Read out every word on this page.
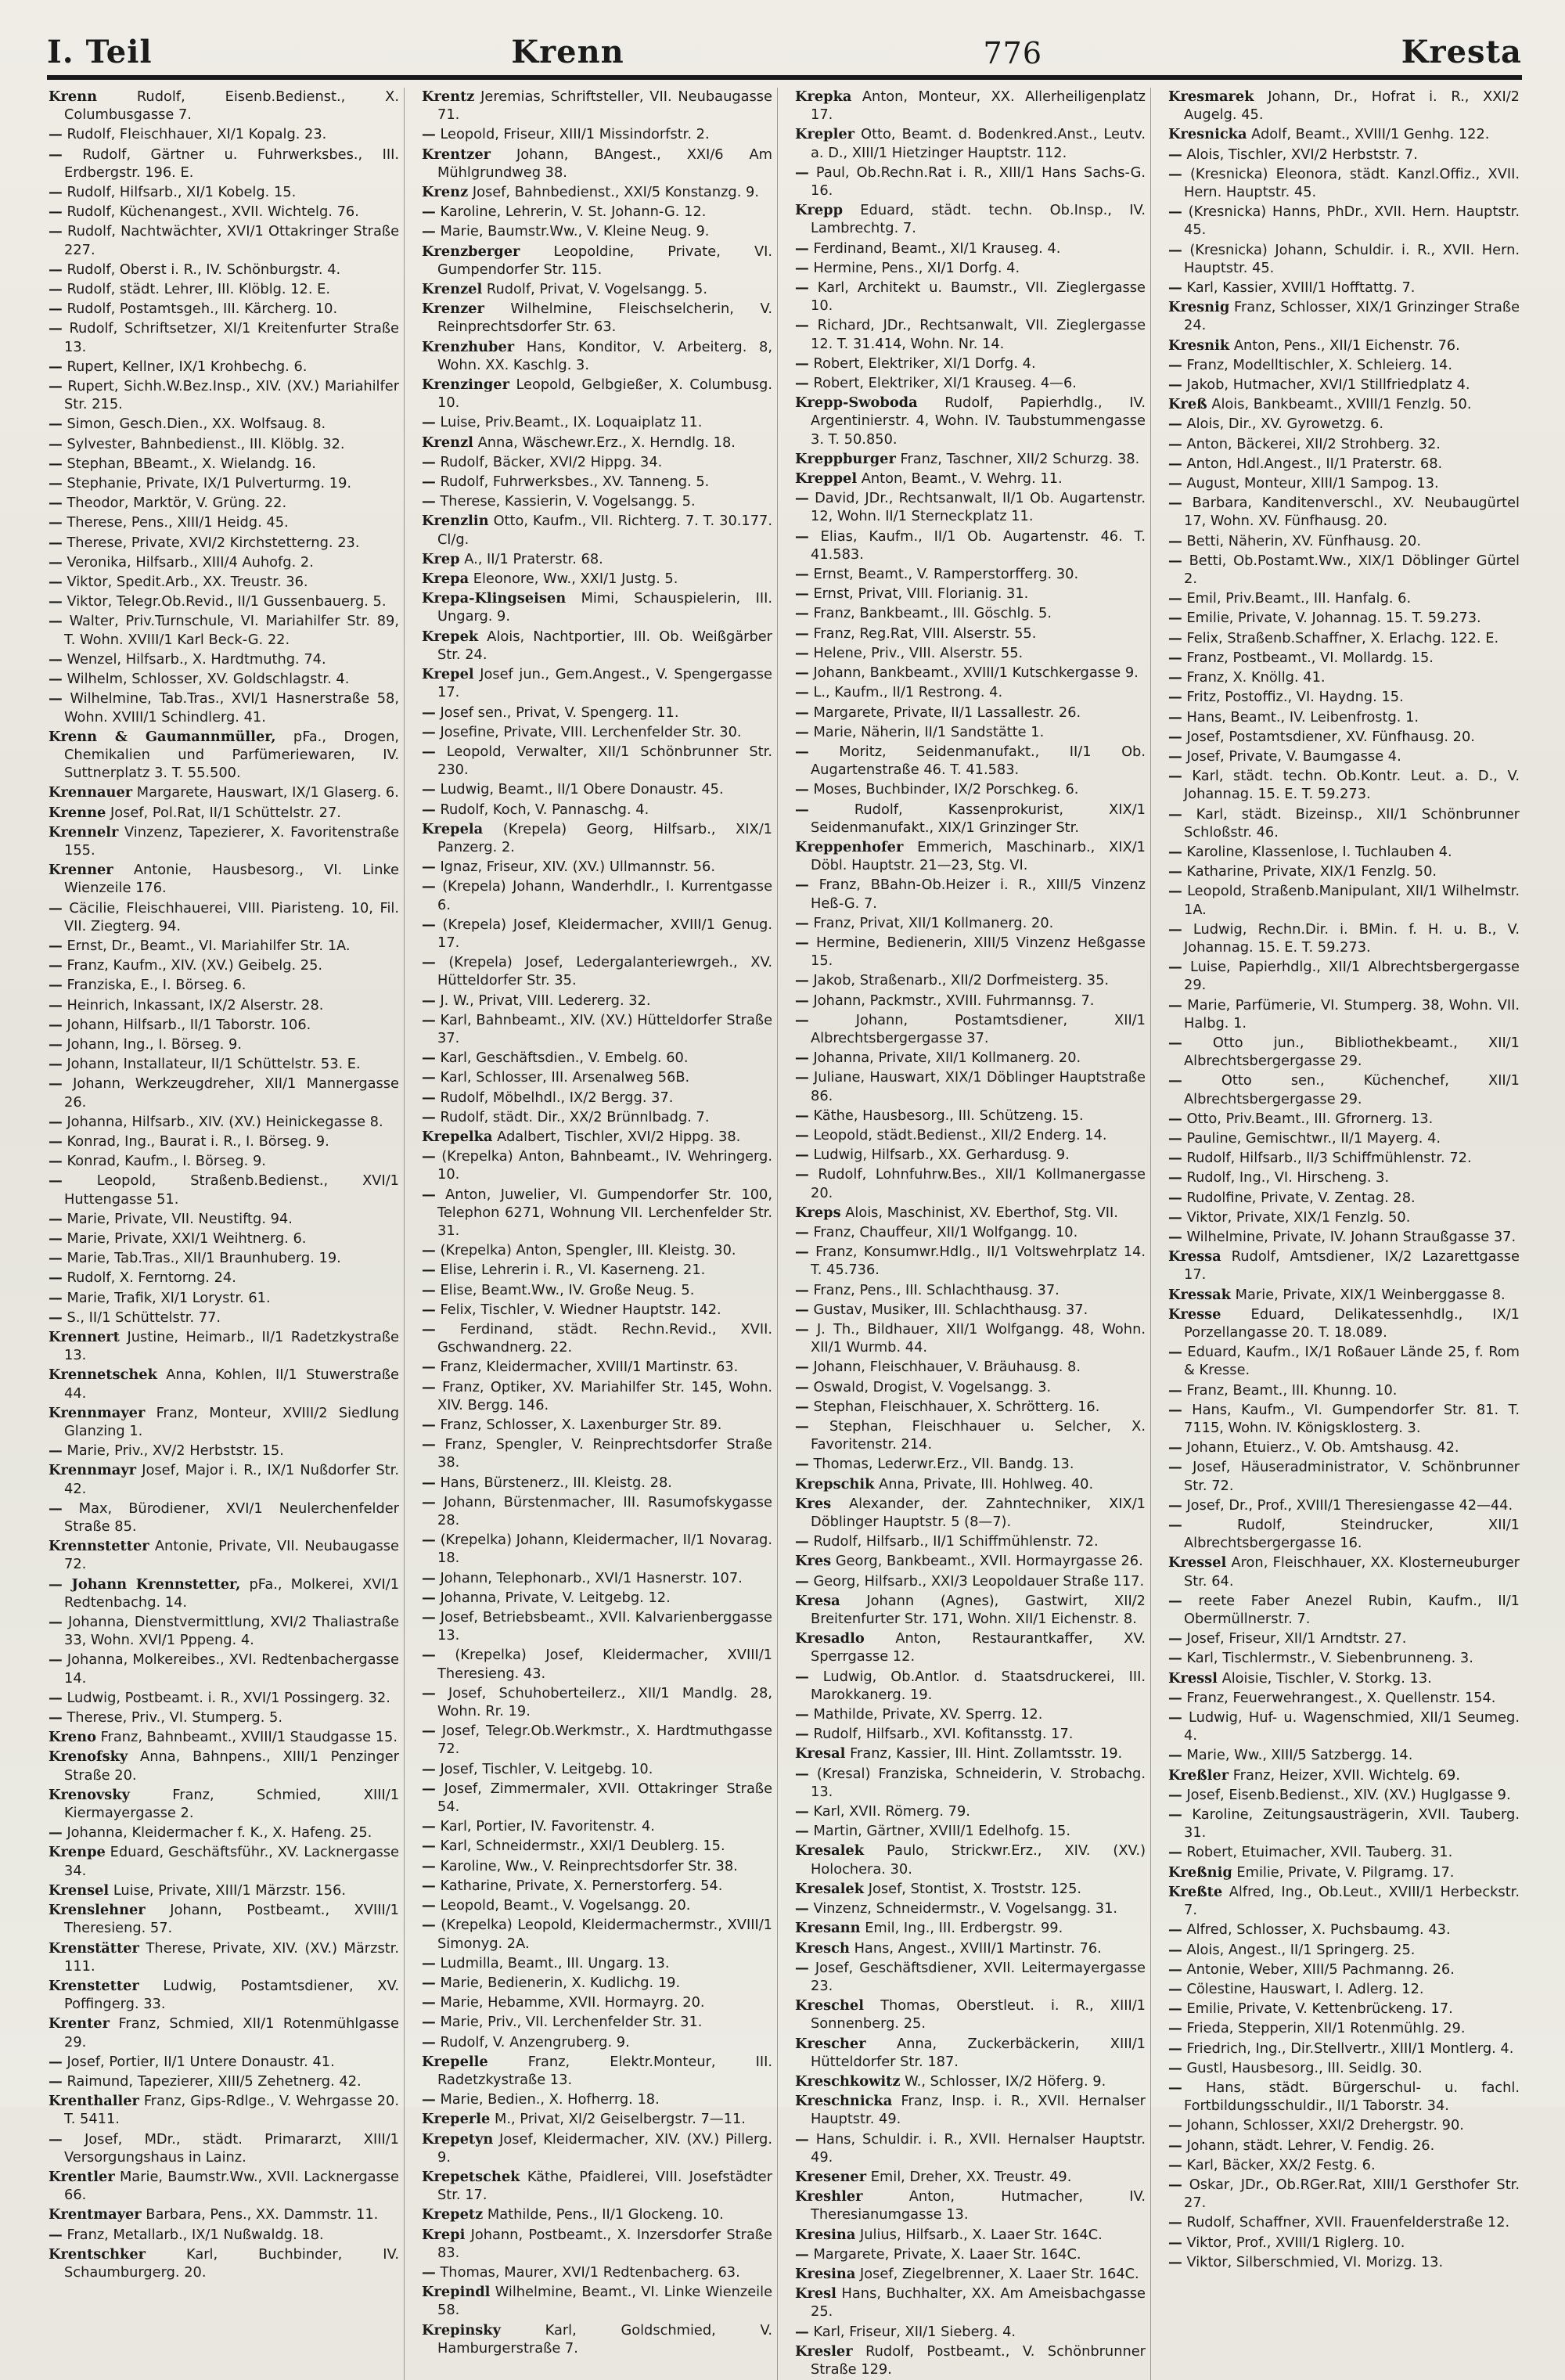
I. Teil	Krenn	776	Kresta

Krenn	Rudolf, Eisenb.Bedienst., X. Columbusgasse 7.

— Rudolf, Fleischhauer, XI/1 Kopalg. 23.

— Rudolf, Gärtner u. Fuhrwerksbes., III. Erdbergstr. 196. E.

— Rudolf, Hilfsarb., XI/1 Kobelg. 15.

— Rudolf, Küchenangest., XVII. Wichtelg. 76.

— Rudolf, Nachtwächter, XVI/1 Ottakringer Straße 227.

— Rudolf, Oberst i. R., IV. Schönburgstr. 4.

— Rudolf, städt. Lehrer, III. Klöblg. 12. E.

— Rudolf, Postamtsgeh., III. Kärcherg. 10.

— Rudolf, Schriftsetzer, XI/1 Kreitenfurter Straße 13.

— Rupert, Kellner, IX/1 Krohbechg. 6.

— Rupert, Sichh.W.Bez.Insp., XIV. (XV.) Mariahilfer Str. 215.

— Simon, Gesch.Dien., XX. Wolfsaug. 8.

— Sylvester, Bahnbedienst., III. Klöblg. 32.

— Stephan, BBeamt., X. Wielandg. 16.

— Stephanie, Private, IX/1 Pulverturmg. 19.

— Theodor, Marktör, V. Grüng. 22.

— Therese, Pens., XIII/1 Heidg. 45.

— Therese, Private, XVI/2 Kirchstetterng. 23.

— Veronika, Hilfsarb., XIII/4 Auhofg. 2.

— Viktor, Spedit.Arb., XX. Treustr. 36.

— Viktor, Telegr.Ob.Revid., II/1 Gussenbauerg. 5.

— Walter, Priv.Turnschule, VI. Mariahilfer Str. 89, T. Wohn. XVIII/1 Karl Beck-G. 22.

— Wenzel, Hilfsarb., X. Hardtmuthg. 74.

— Wilhelm, Schlosser, XV. Goldschlagstr. 4.

— Wilhelmine, Tab.Tras., XVI/1 Hasnerstraße 58, Wohn. XVIII/1 Schindlerg. 41.

Krenn & Gaumannmüller, pFa., Drogen, Chemikalien und Parfümeriewaren, IV. Suttnerplatz 3. T. 55.500.

Krennauer Margarete, Hauswart, IX/1 Glaserg. 6.

Krenne Josef, Pol.Rat, II/1 Schüttelstr. 27.

Krennelr Vinzenz, Tapezierer, X. Favoritenstraße 155.

Krenner Antonie, Hausbesorg., VI. Linke Wienzeile 176.

— Cäcilie, Fleischhauerei, VIII. Piaristeng. 10, Fil. VII. Ziegterg. 94.

— Ernst, Dr., Beamt., VI. Mariahilfer Str. 1A.

— Franz, Kaufm., XIV. (XV.) Geibelg. 25.

— Franziska, E., I. Börseg. 6.

— Heinrich, Inkassant, IX/2 Alserstr. 28.

— Johann, Hilfsarb., II/1 Taborstr. 106.

— Johann, Ing., I. Börseg. 9.

— Johann, Installateur, II/1 Schüttelstr. 53. E.

— Johann, Werkzeugdreher, XII/1 Mannergasse 26.

— Johanna, Hilfsarb., XIV. (XV.) Heinickegasse 8.

— Konrad, Ing., Baurat i. R., I. Börseg. 9.

— Konrad, Kaufm., I. Börseg. 9.

— Leopold, Straßenb.Bedienst., XVI/1 Huttengasse 51.

— Marie, Private, VII. Neustiftg. 94.

— Marie, Private, XXI/1 Weihtnerg. 6.

— Marie, Tab.Tras., XII/1 Braunhuberg. 19.

— Rudolf, X. Ferntorng. 24.

— Marie, Trafik, XI/1 Lorystr. 61.

— S., II/1 Schüttelstr. 77.

Krennert Justine, Heimarb., II/1 Radetzkystraße 13.

Krennetschek Anna, Kohlen, II/1 Stuwerstraße 44.

Krennmayer Franz, Monteur, XVIII/2 Siedlung Glanzing 1.

— Marie, Priv., XV/2 Herbststr. 15.

Krennmayr Josef, Major i. R., IX/1 Nußdorfer Str. 42.

— Max, Bürodiener, XVI/1 Neulerchenfelder Straße 85.

Krennstetter Antonie, Private, VII. Neubaugasse 72.

— Johann Krennstetter, pFa., Molkerei, XVI/1 Redtenbachg. 14.

— Johanna, Dienstvermittlung, XVI/2 Thaliastraße 33, Wohn. XVI/1 Pppeng. 4.

— Johanna, Molkereibes., XVI. Redtenbachergasse 14.

— Ludwig, Postbeamt. i. R., XVI/1 Possingerg. 32.

— Therese, Priv., VI. Stumperg. 5.

Kreno Franz, Bahnbeamt., XVIII/1 Staudgasse 15.

Krenofsky Anna, Bahnpens., XIII/1 Penzinger Straße 20.

Krenovsky	Franz, Schmied, XIII/1 Kiermayergasse 2.

— Johanna, Kleidermacher f. K., X. Hafeng. 25.

Krenpe Eduard, Geschäftsführ., XV. Lacknergasse 34.

Krensel Luise, Private, XIII/1 Märzstr. 156.

Krenslehner Johann, Postbeamt., XVIII/1 Theresieng. 57.

Krenstätter Therese, Private, XIV. (XV.) Märzstr. 111.

Krenstetter Ludwig, Postamtsdiener, XV. Poffingerg. 33.

Krenter Franz, Schmied, XII/1 Rotenmühlgasse 29.

— Josef, Portier, II/1 Untere Donaustr. 41.

— Raimund, Tapezierer, XIII/5 Zehetnerg. 42.

Krenthaller Franz, Gips-Rdlge., V. Wehrgasse 20. T. 5411.

— Josef, MDr., städt. Primararzt, XIII/1 Versorgungshaus in Lainz.

Krentler Marie, Baumstr.Ww., XVII. Lacknergasse 66.

Krentmayer Barbara, Pens., XX. Dammstr. 11.

— Franz, Metallarb., IX/1 Nußwaldg. 18.

Krentschker	Karl, Buchbinder, IV. Schaumburgerg. 20.

Krentz Jeremias, Schriftsteller, VII. Neubaugasse 71.

— Leopold, Friseur, XIII/1 Missindorfstr. 2.

Krentzer Johann, BAngest., XXI/6 Am Mühlgrundweg 38.

Krenz Josef, Bahnbedienst., XXI/5 Konstanzg. 9.

— Karoline, Lehrerin, V. St. Johann-G. 12.

— Marie, Baumstr.Ww., V. Kleine Neug. 9.

Krenzberger Leopoldine, Private, VI. Gumpendorfer Str. 115.

Krenzel Rudolf, Privat, V. Vogelsangg. 5.

Krenzer Wilhelmine, Fleischselcherin, V. Reinprechtsdorfer Str. 63.

Krenzhuber Hans, Konditor, V. Arbeiterg. 8, Wohn. XX. Kaschlg. 3.

Krenzinger Leopold, Gelbgießer, X. Columbusg. 10.

— Luise, Priv.Beamt., IX. Loquaiplatz 11.

Krenzl Anna, Wäschewr.Erz., X. Herndlg. 18.

— Rudolf, Bäcker, XVI/2 Hippg. 34.

— Rudolf, Fuhrwerksbes., XV. Tanneng. 5.

— Therese, Kassierin, V. Vogelsangg. 5.

Krenzlin Otto, Kaufm., VII. Richterg. 7. T. 30.177. Cl/g.

Krep A., II/1 Praterstr. 68.

Krepa Eleonore, Ww., XXI/1 Justg. 5.

Krepa-Klingseisen Mimi, Schauspielerin, III. Ungarg. 9.

Krepek Alois, Nachtportier, III. Ob. Weißgärber Str. 24.

Krepel Josef jun., Gem.Angest., V. Spengergasse 17.

— Josef sen., Privat, V. Spengerg. 11.

— Josefine, Private, VIII. Lerchenfelder Str. 30.

— Leopold, Verwalter, XII/1 Schönbrunner Str. 230.

— Ludwig, Beamt., II/1 Obere Donaustr. 45.

— Rudolf, Koch, V. Pannaschg. 4.

Krepela (Krepela) Georg, Hilfsarb., XIX/1 Panzerg. 2.

— Ignaz, Friseur, XIV. (XV.) Ullmannstr. 56.

— (Krepela) Johann, Wanderhdlr., I. Kurrentgasse 6.

— (Krepela) Josef, Kleidermacher, XVIII/1 Genug. 17.

— (Krepela) Josef, Ledergalanteriewrgeh., XV. Hütteldorfer Str. 35.

— J. W., Privat, VIII. Ledererg. 32.

— Karl, Bahnbeamt., XIV. (XV.) Hütteldorfer Straße 37.

— Karl, Geschäftsdien., V. Embelg. 60.

— Karl, Schlosser, III. Arsenalweg 56B.

— Rudolf, Möbelhdl., IX/2 Bergg. 37.

— Rudolf, städt. Dir., XX/2 Brünnlbadg. 7.

Krepelka Adalbert, Tischler, XVI/2 Hippg. 38.

— (Krepelka) Anton, Bahnbeamt., IV. Wehringerg. 10.

— Anton, Juwelier, VI. Gumpendorfer Str. 100, Telephon 6271, Wohnung VII. Lerchenfelder Str. 31.

— (Krepelka) Anton, Spengler, III. Kleistg. 30.

— Elise, Lehrerin i. R., VI. Kaserneng. 21.

— Elise, Beamt.Ww., IV. Große Neug. 5.

— Felix, Tischler, V. Wiedner Hauptstr. 142.

— Ferdinand, städt. Rechn.Revid., XVII. Gschwandnerg. 22.

— Franz, Kleidermacher, XVIII/1 Martinstr. 63.

— Franz, Optiker, XV. Mariahilfer Str. 145, Wohn. XIV. Bergg. 146.

— Franz, Schlosser, X. Laxenburger Str. 89.

— Franz, Spengler, V. Reinprechtsdorfer Straße 38.

— Hans, Bürstenerz., III. Kleistg. 28.

— Johann, Bürstenmacher, III. Rasumofskygasse 28.

— (Krepelka) Johann, Kleidermacher, II/1 Novarag. 18.

— Johann, Telephonarb., XVI/1 Hasnerstr. 107.

— Johanna, Private, V. Leitgebg. 12.

— Josef, Betriebsbeamt., XVII. Kalvarienberggasse 13.

— (Krepelka) Josef, Kleidermacher, XVIII/1 Theresieng. 43.

— Josef, Schuhoberteilerz., XII/1 Mandlg. 28, Wohn. Rr. 19.

— Josef, Telegr.Ob.Werkmstr., X. Hardtmuthgasse 72.

— Josef, Tischler, V. Leitgebg. 10.

— Josef, Zimmermaler, XVII. Ottakringer Straße 54.

— Karl, Portier, IV. Favoritenstr. 4.

— Karl, Schneidermstr., XXI/1 Deublerg. 15.

— Karoline, Ww., V. Reinprechtsdorfer Str. 38.

— Katharine, Private, X. Pernerstorferg. 54.

— Leopold, Beamt., V. Vogelsangg. 20.

— (Krepelka) Leopold, Kleidermachermstr., XVIII/1 Simonyg. 2A.

— Ludmilla, Beamt., III. Ungarg. 13.

— Marie, Bedienerin, X. Kudlichg. 19.

— Marie, Hebamme, XVII. Hormayrg. 20.

— Marie, Priv., VII. Lerchenfelder Str. 31.

— Rudolf, V. Anzengruberg. 9.

Krepelle	Franz, Elektr.Monteur, III. Radetzkystraße 13.

— Marie, Bedien., X. Hofherrg. 18.

Kreperle M., Privat, XI/2 Geiselbergstr. 7—11.

Krepetyn Josef, Kleidermacher, XIV. (XV.) Pillerg. 9.

Krepetschek Käthe, Pfaidlerei, VIII. Josefstädter Str. 17.

Krepetz Mathilde, Pens., II/1 Glockeng. 10.

Krepi Johann, Postbeamt., X. Inzersdorfer Straße 83.

— Thomas, Maurer, XVI/1 Redtenbacherg. 63.

Krepindl Wilhelmine, Beamt., VI. Linke Wienzeile 58.

Krepinsky	Karl, Goldschmied, V. Hamburgerstraße 7.

Krepka Anton, Monteur, XX. Allerheiligenplatz 17.

Krepler Otto, Beamt. d. Bodenkred.Anst., Leutv. a. D., XIII/1 Hietzinger Hauptstr. 112.

— Paul, Ob.Rechn.Rat i. R., XIII/1 Hans Sachs-G. 16.

Krepp Eduard, städt. techn. Ob.Insp., IV. Lambrechtg. 7.

— Ferdinand, Beamt., XI/1 Krauseg. 4.

— Hermine, Pens., XI/1 Dorfg. 4.

— Karl, Architekt u. Baumstr., VII. Zieglergasse 10.

— Richard, JDr., Rechtsanwalt, VII. Zieglergasse 12. T. 31.414, Wohn. Nr. 14.

— Robert, Elektriker, XI/1 Dorfg. 4.

— Robert, Elektriker, XI/1 Krauseg. 4—6.

Krepp-Swoboda Rudolf, Papierhdlg., IV. Argentinierstr. 4, Wohn. IV. Taubstummengasse 3. T. 50.850.

Kreppburger Franz, Taschner, XII/2 Schurzg. 38.

Kreppel Anton, Beamt., V. Wehrg. 11.

— David, JDr., Rechtsanwalt, II/1 Ob. Augartenstr. 12, Wohn. II/1 Sterneckplatz 11.

— Elias, Kaufm., II/1 Ob. Augartenstr. 46. T. 41.583.

— Ernst, Beamt., V. Ramperstorfferg. 30.

— Ernst, Privat, VIII. Florianig. 31.

— Franz, Bankbeamt., III. Göschlg. 5.

— Franz, Reg.Rat, VIII. Alserstr. 55.

— Helene, Priv., VIII. Alserstr. 55.

— Johann, Bankbeamt., XVIII/1 Kutschkergasse 9.

— L., Kaufm., II/1 Restrong. 4.

— Margarete, Private, II/1 Lassallestr. 26.

— Marie, Näherin, II/1 Sandstätte 1.

— Moritz, Seidenmanufakt., II/1 Ob. Augartenstraße 46. T. 41.583.

— Moses, Buchbinder, IX/2 Porschkeg. 6.

—	Rudolf, Kassenprokurist, XIX/1 Seidenmanufakt., XIX/1 Grinzinger Str.

Kreppenhofer Emmerich, Maschinarb., XIX/1 Döbl. Hauptstr. 21—23, Stg. VI.

— Franz, BBahn-Ob.Heizer i. R., XIII/5 Vinzenz Heß-G. 7.

— Franz, Privat, XII/1 Kollmanerg. 20.

— Hermine, Bedienerin, XIII/5 Vinzenz Heßgasse 15.

— Jakob, Straßenarb., XII/2 Dorfmeisterg. 35.

— Johann, Packmstr., XVIII. Fuhrmannsg. 7.

—	Johann, Postamtsdiener, XII/1 Albrechtsbergergasse 37.

— Johanna, Private, XII/1 Kollmanerg. 20.

— Juliane, Hauswart, XIX/1 Döblinger Hauptstraße 86.

— Käthe, Hausbesorg., III. Schützeng. 15.

— Leopold, städt.Bedienst., XII/2 Enderg. 14.

— Ludwig, Hilfsarb., XX. Gerhardusg. 9.

— Rudolf, Lohnfuhrw.Bes., XII/1 Kollmanergasse 20.

Kreps Alois, Maschinist, XV. Eberthof, Stg. VII.

— Franz, Chauffeur, XII/1 Wolfgangg. 10.

— Franz, Konsumwr.Hdlg., II/1 Voltswehrplatz 14. T. 45.736.

— Franz, Pens., III. Schlachthausg. 37.

— Gustav, Musiker, III. Schlachthausg. 37.

— J. Th., Bildhauer, XII/1 Wolfgangg. 48, Wohn. XII/1 Wurmb. 44.

— Johann, Fleischhauer, V. Bräuhausg. 8.

— Oswald, Drogist, V. Vogelsangg. 3.

— Stephan, Fleischhauer, X. Schrötterg. 16.

— Stephan, Fleischhauer u. Selcher, X. Favoritenstr. 214.

— Thomas, Lederwr.Erz., VII. Bandg. 13.

Krepschik Anna, Private, III. Hohlweg. 40.

Kres Alexander, der. Zahntechniker, XIX/1 Döblinger Hauptstr. 5 (8—7).

— Rudolf, Hilfsarb., II/1 Schiffmühlenstr. 72.

Kres Georg, Bankbeamt., XVII. Hormayrgasse 26.

— Georg, Hilfsarb., XXI/3 Leopoldauer Straße 117.

Kresa Johann (Agnes), Gastwirt, XII/2 Breitenfurter Str. 171, Wohn. XII/1 Eichenstr. 8.

Kresadlo Anton, Restaurantkaffer, XV. Sperrgasse 12.

— Ludwig, Ob.Antlor. d. Staatsdruckerei, III. Marokkanerg. 19.

— Mathilde, Private, XV. Sperrg. 12.

— Rudolf, Hilfsarb., XVI. Kofitansstg. 17.

Kresal Franz, Kassier, III. Hint. Zollamtsstr. 19.

— (Kresal) Franziska, Schneiderin, V. Strobachg. 13.

— Karl, XVII. Römerg. 79.

— Martin, Gärtner, XVIII/1 Edelhofg. 15.

Kresalek Paulo, Strickwr.Erz., XIV. (XV.) Holochera. 30.

Kresalek Josef, Stontist, X. Troststr. 125.

— Vinzenz, Schneidermstr., V. Vogelsangg. 31.

Kresann Emil, Ing., III. Erdbergstr. 99.

Kresch Hans, Angest., XVIII/1 Martinstr. 76.

— Josef, Geschäftsdiener, XVII. Leitermayergasse 23.

Kreschel Thomas, Oberstleut. i. R., XIII/1 Sonnenberg. 25.

Krescher Anna, Zuckerbäckerin, XIII/1 Hütteldorfer Str. 187.

Kreschkowitz W., Schlosser, IX/2 Höferg. 9.

Kreschnicka Franz, Insp. i. R., XVII. Hernalser Hauptstr. 49.

— Hans, Schuldir. i. R., XVII. Hernalser Hauptstr. 49.

Kresener Emil, Dreher, XX. Treustr. 49.

Kreshler	Anton, Hutmacher, IV. Theresianumgasse 13.

Kresina Julius, Hilfsarb., X. Laaer Str. 164C.

— Margarete, Private, X. Laaer Str. 164C.

Kresina Josef, Ziegelbrenner, X. Laaer Str. 164C.

Kresl Hans, Buchhalter, XX. Am Ameisbachgasse 25.

— Karl, Friseur, XII/1 Sieberg. 4.

Kresler Rudolf, Postbeamt., V. Schönbrunner Straße 129.

Kresmarek Johann, Dr., Hofrat i. R., XXI/2 Augelg. 45.

Kresnicka Adolf, Beamt., XVIII/1 Genhg. 122.

— Alois, Tischler, XVI/2 Herbststr. 7.

— (Kresnicka) Eleonora, städt. Kanzl.Offiz., XVII. Hern. Hauptstr. 45.

— (Kresnicka) Hanns, PhDr., XVII. Hern. Hauptstr. 45.

— (Kresnicka) Johann, Schuldir. i. R., XVII. Hern. Hauptstr. 45.

— Karl, Kassier, XVIII/1 Hofftattg. 7.

Kresnig Franz, Schlosser, XIX/1 Grinzinger Straße 24.

Kresnik Anton, Pens., XII/1 Eichenstr. 76.

— Franz, Modelltischler, X. Schleierg. 14.

— Jakob, Hutmacher, XVI/1 Stillfriedplatz 4.

Kreß Alois, Bankbeamt., XVIII/1 Fenzlg. 50.

— Alois, Dir., XV. Gyrowetzg. 6.

— Anton, Bäckerei, XII/2 Strohberg. 32.

— Anton, Hdl.Angest., II/1 Praterstr. 68.

— August, Monteur, XIII/1 Sampog. 13.

— Barbara, Kanditenverschl., XV. Neubaugürtel 17, Wohn. XV. Fünfhausg. 20.

— Betti, Näherin, XV. Fünfhausg. 20.

— Betti, Ob.Postamt.Ww., XIX/1 Döblinger Gürtel 2.

— Emil, Priv.Beamt., III. Hanfalg. 6.

— Emilie, Private, V. Johannag. 15. T. 59.273.

— Felix, Straßenb.Schaffner, X. Erlachg. 122. E.

— Franz, Postbeamt., VI. Mollardg. 15.

— Franz, X. Knöllg. 41.

— Fritz, Postoffiz., VI. Haydng. 15.

— Hans, Beamt., IV. Leibenfrostg. 1.

— Josef, Postamtsdiener, XV. Fünfhausg. 20.

— Josef, Private, V. Baumgasse 4.

— Karl, städt. techn. Ob.Kontr. Leut. a. D., V. Johannag. 15. E. T. 59.273.

— Karl, städt. Bizeinsp., XII/1 Schönbrunner Schloßstr. 46.

— Karoline, Klassenlose, I. Tuchlauben 4.

— Katharine, Private, XIX/1 Fenzlg. 50.

— Leopold, Straßenb.Manipulant, XII/1 Wilhelmstr. 1A.

— Ludwig, Rechn.Dir. i. BMin. f. H. u. B., V. Johannag. 15. E. T. 59.273.

— Luise, Papierhdlg., XII/1 Albrechtsbergergasse 29.

— Marie, Parfümerie, VI. Stumperg. 38, Wohn. VII. Halbg. 1.

— Otto jun., Bibliothekbeamt., XII/1 Albrechtsbergergasse 29.

—	Otto sen., Küchenchef, XII/1 Albrechtsbergergasse 29.

— Otto, Priv.Beamt., III. Gfrornerg. 13.

— Pauline, Gemischtwr., II/1 Mayerg. 4.

— Rudolf, Hilfsarb., II/3 Schiffmühlenstr. 72.

— Rudolf, Ing., VI. Hirscheng. 3.

— Rudolfine, Private, V. Zentag. 28.

— Viktor, Private, XIX/1 Fenzlg. 50.

— Wilhelmine, Private, IV. Johann Straußgasse 37.

Kressa Rudolf, Amtsdiener, IX/2 Lazarettgasse 17.

Kressak Marie, Private, XIX/1 Weinberggasse 8.

Kresse Eduard, Delikatessenhdlg., IX/1 Porzellangasse 20. T. 18.089.

— Eduard, Kaufm., IX/1 Roßauer Lände 25, f. Rom & Kresse.

— Franz, Beamt., III. Khunng. 10.

— Hans, Kaufm., VI. Gumpendorfer Str. 81. T. 7115, Wohn. IV. Königsklosterg. 3.

— Johann, Etuierz., V. Ob. Amtshausg. 42.

— Josef, Häuseradministrator, V. Schönbrunner Str. 72.

— Josef, Dr., Prof., XVIII/1 Theresiengasse 42—44.

—	Rudolf, Steindrucker, XII/1 Albrechtsbergergasse 16.

Kressel Aron, Fleischhauer, XX. Klosterneuburger Str. 64.

— reete Faber Anezel Rubin, Kaufm., II/1 Obermüllnerstr. 7.

— Josef, Friseur, XII/1 Arndtstr. 27.

— Karl, Tischlermstr., V. Siebenbrunneng. 3.

Kressl Aloisie, Tischler, V. Storkg. 13.

— Franz, Feuerwehrangest., X. Quellenstr. 154.

— Ludwig, Huf- u. Wagenschmied, XII/1 Seumeg. 4.

— Marie, Ww., XIII/5 Satzbergg. 14.

Kreßler Franz, Heizer, XVII. Wichtelg. 69.

— Josef, Eisenb.Bedienst., XIV. (XV.) Huglgasse 9.

— Karoline, Zeitungsausträgerin, XVII. Tauberg. 31.

— Robert, Etuimacher, XVII. Tauberg. 31.

Kreßnig Emilie, Private, V. Pilgramg. 17.

Kreßte Alfred, Ing., Ob.Leut., XVIII/1 Herbeckstr. 7.

— Alfred, Schlosser, X. Puchsbaumg. 43.

— Alois, Angest., II/1 Springerg. 25.

— Antonie, Weber, XIII/5 Pachmanng. 26.

— Cölestine, Hauswart, I. Adlerg. 12.

— Emilie, Private, V. Kettenbrückeng. 17.

— Frieda, Stepperin, XII/1 Rotenmühlg. 29.

— Friedrich, Ing., Dir.Stellvertr., XIII/1 Montlerg. 4.

— Gustl, Hausbesorg., III. Seidlg. 30.

— Hans, städt. Bürgerschul- u. fachl. Fortbildungsschuldir., II/1 Taborstr. 34.

— Johann, Schlosser, XXI/2 Drehergstr. 90.

— Johann, städt. Lehrer, V. Fendig. 26.

— Karl, Bäcker, XX/2 Festg. 6.

— Oskar, JDr., Ob.RGer.Rat, XIII/1 Gersthofer Str. 27.

— Rudolf, Schaffner, XVII. Frauenfelderstraße 12.

— Viktor, Prof., XVIII/1 Riglerg. 10.

— Viktor, Silberschmied, VI. Morizg. 13.
